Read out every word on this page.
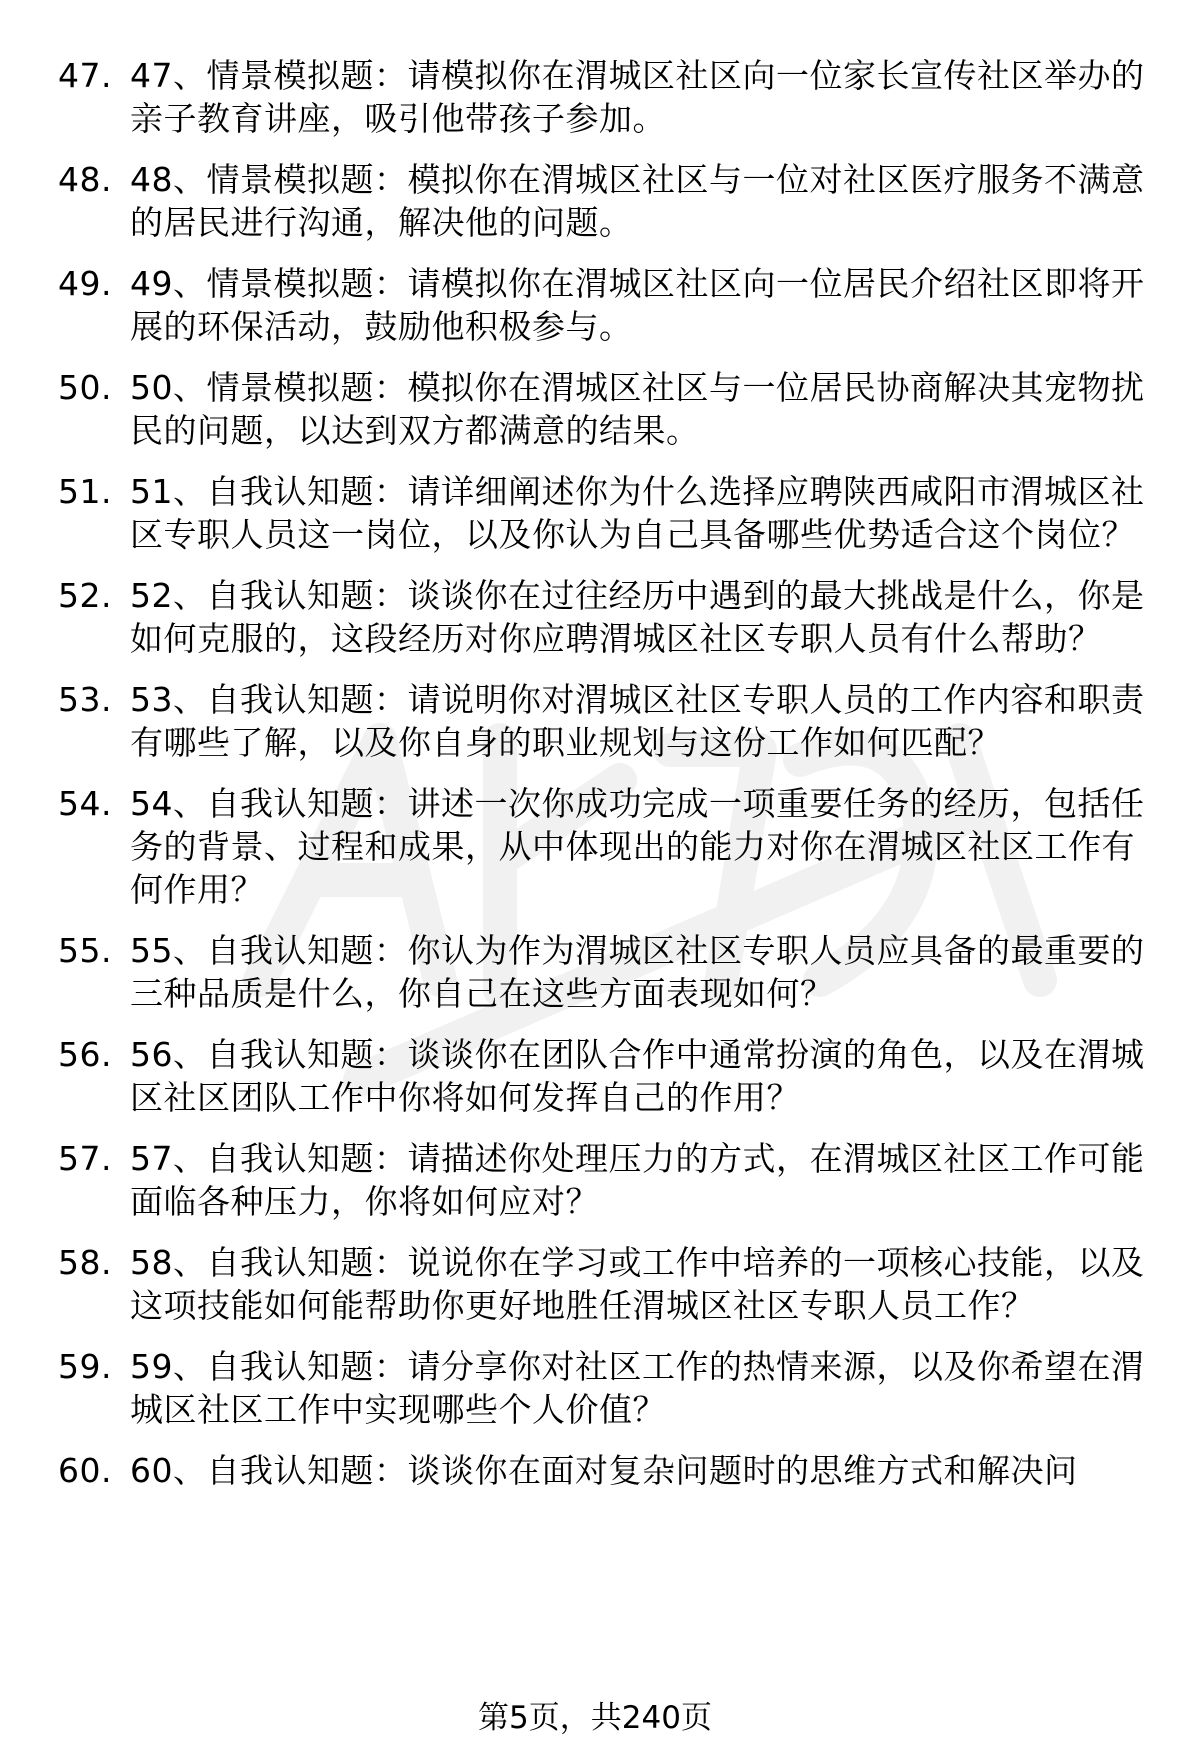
47. 47、情景模拟题：请模拟你在渭城区社区向一位家长宣传社区举办的亲子教育讲座，吸引他带孩子参加。
48. 48、情景模拟题：模拟你在渭城区社区与一位对社区医疗服务不满意的居民进行沟通，解决他的问题。
49. 49、情景模拟题：请模拟你在渭城区社区向一位居民介绍社区即将开展的环保活动，鼓励他积极参与。
50. 50、情景模拟题：模拟你在渭城区社区与一位居民协商解决其宠物扰民的问题，以达到双方都满意的结果。
51. 51、自我认知题：请详细阐述你为什么选择应聘陕西咸阳市渭城区社区专职人员这一岗位，以及你认为自己具备哪些优势适合这个岗位？
52. 52、自我认知题：谈谈你在过往经历中遇到的最大挑战是什么，你是如何克服的，这段经历对你应聘渭城区社区专职人员有什么帮助？
53. 53、自我认知题：请说明你对渭城区社区专职人员的工作内容和职责有哪些了解，以及你自身的职业规划与这份工作如何匹配？
54. 54、自我认知题：讲述一次你成功完成一项重要任务的经历，包括任务的背景、过程和成果，从中体现出的能力对你在渭城区社区工作有何作用？
55. 55、自我认知题：你认为作为渭城区社区专职人员应具备的最重要的三种品质是什么，你自己在这些方面表现如何？
56. 56、自我认知题：谈谈你在团队合作中通常扮演的角色，以及在渭城区社区团队工作中你将如何发挥自己的作用？
57. 57、自我认知题：请描述你处理压力的方式，在渭城区社区工作可能面临各种压力，你将如何应对？
58. 58、自我认知题：说说你在学习或工作中培养的一项核心技能，以及这项技能如何能帮助你更好地胜任渭城区社区专职人员工作？
59. 59、自我认知题：请分享你对社区工作的热情来源，以及你希望在渭城区社区工作中实现哪些个人价值？
60. 60、自我认知题：谈谈你在面对复杂问题时的思维方式和解决问
第5页，共240页
